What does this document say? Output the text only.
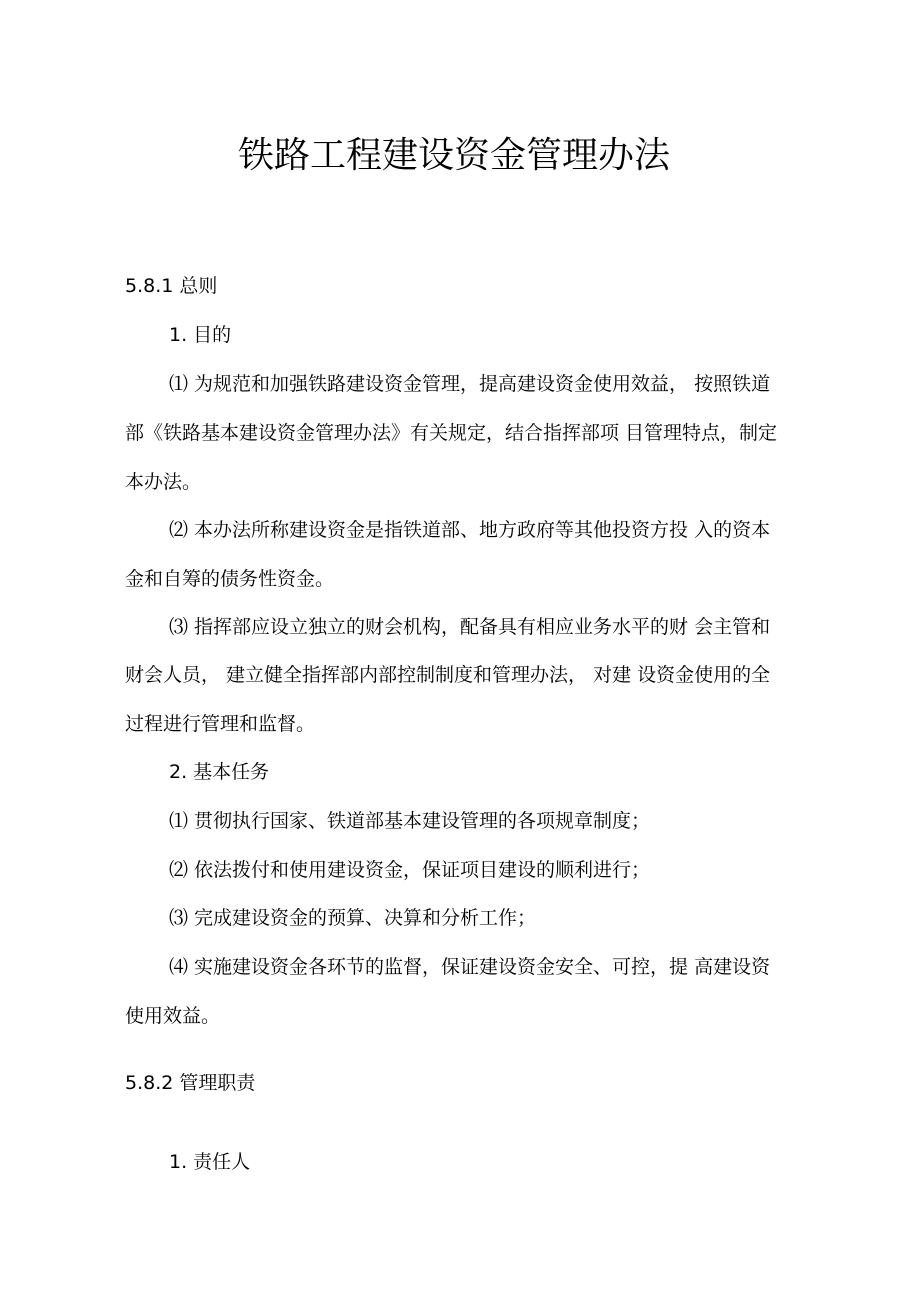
铁路工程建设资金管理办法
5.8.1 总则
1. 目的
⑴ 为规范和加强铁路建设资金管理，提高建设资金使用效益， 按照铁道
部《铁路基本建设资金管理办法》有关规定，结合指挥部项 目管理特点，制定
本办法。
⑵ 本办法所称建设资金是指铁道部、地方政府等其他投资方投 入的资本
金和自筹的债务性资金。
⑶ 指挥部应设立独立的财会机构，配备具有相应业务水平的财 会主管和
财会人员， 建立健全指挥部内部控制制度和管理办法， 对建 设资金使用的全
过程进行管理和监督。
2. 基本任务
⑴ 贯彻执行国家、铁道部基本建设管理的各项规章制度；
⑵ 依法拨付和使用建设资金，保证项目建设的顺利进行；
⑶ 完成建设资金的预算、决算和分析工作；
⑷ 实施建设资金各环节的监督，保证建设资金安全、可控，提 高建设资
使用效益。
5.8.2 管理职责
1. 责任人
